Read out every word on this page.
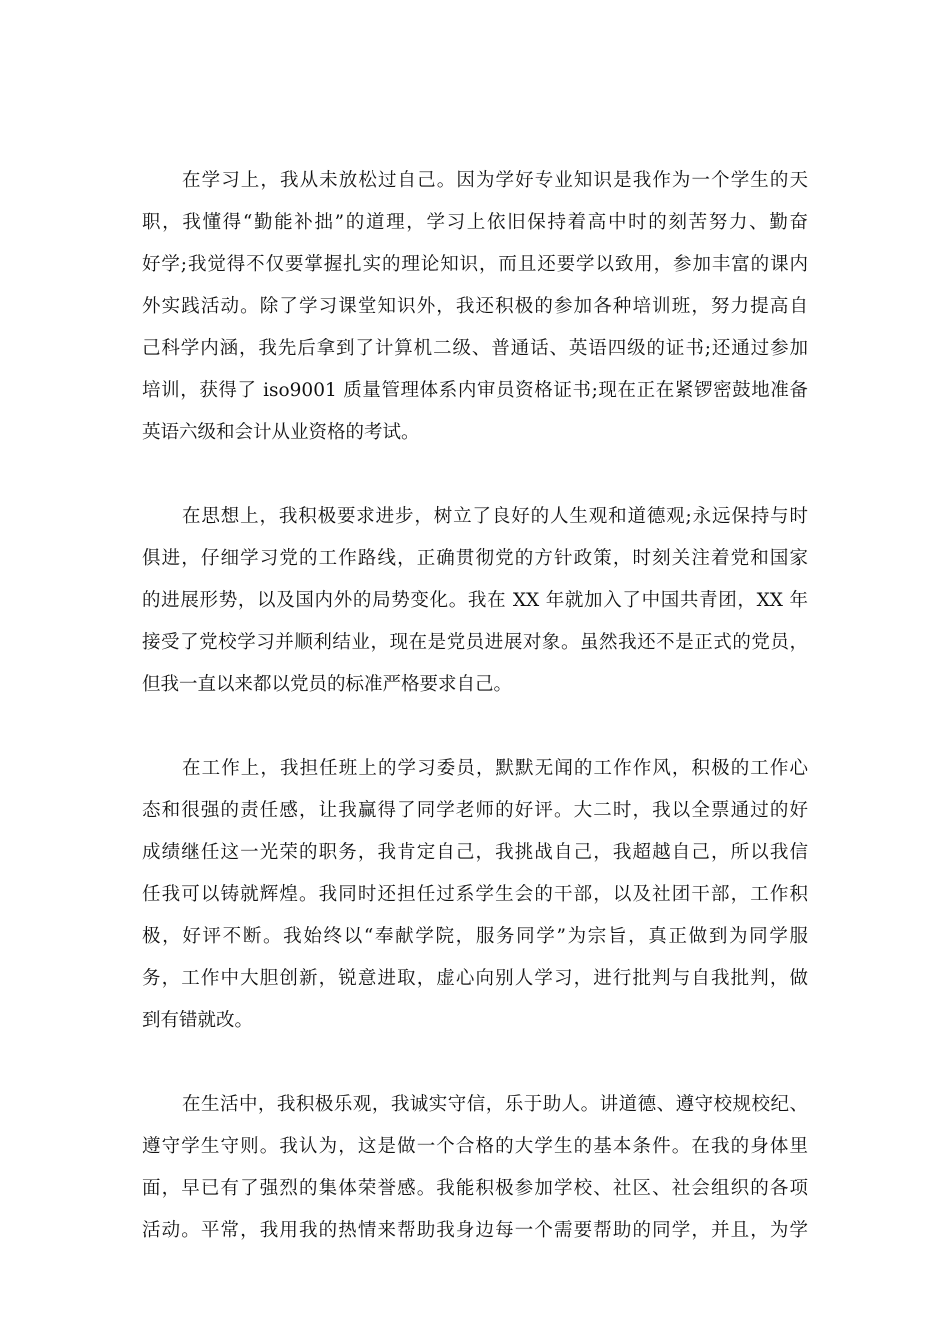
在学习上，我从未放松过自己。因为学好专业知识是我作为一个学生的天
职，我懂得“勤能补拙”的道理，学习上依旧保持着高中时的刻苦努力、勤奋
好学;我觉得不仅要掌握扎实的理论知识，而且还要学以致用，参加丰富的课内
外实践活动。除了学习课堂知识外，我还积极的参加各种培训班，努力提高自
己科学内涵，我先后拿到了计算机二级、普通话、英语四级的证书;还通过参加
培训，获得了 iso9001 质量管理体系内审员资格证书;现在正在紧锣密鼓地准备
英语六级和会计从业资格的考试。
在思想上，我积极要求进步，树立了良好的人生观和道德观;永远保持与时
俱进，仔细学习党的工作路线，正确贯彻党的方针政策，时刻关注着党和国家
的进展形势，以及国内外的局势变化。我在 XX 年就加入了中国共青团，XX 年
接受了党校学习并顺利结业，现在是党员进展对象。虽然我还不是正式的党员，
但我一直以来都以党员的标准严格要求自己。
在工作上，我担任班上的学习委员，默默无闻的工作作风，积极的工作心
态和很强的责任感，让我赢得了同学老师的好评。大二时，我以全票通过的好
成绩继任这一光荣的职务，我肯定自己，我挑战自己，我超越自己，所以我信
任我可以铸就辉煌。我同时还担任过系学生会的干部，以及社团干部，工作积
极，好评不断。我始终以“奉献学院，服务同学”为宗旨，真正做到为同学服
务，工作中大胆创新，锐意进取，虚心向别人学习，进行批判与自我批判，做
到有错就改。
在生活中，我积极乐观，我诚实守信，乐于助人。讲道德、遵守校规校纪、
遵守学生守则。我认为，这是做一个合格的大学生的基本条件。在我的身体里
面，早已有了强烈的集体荣誉感。我能积极参加学校、社区、社会组织的各项
活动。平常，我用我的热情来帮助我身边每一个需要帮助的同学，并且，为学
